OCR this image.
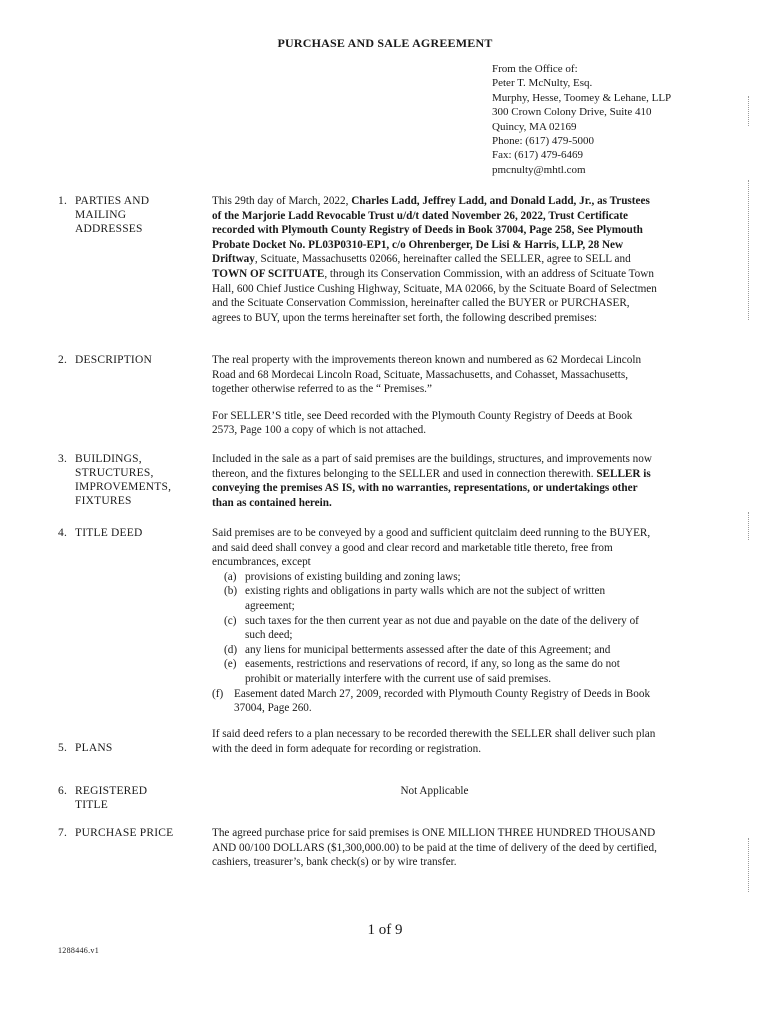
PURCHASE AND SALE AGREEMENT
From the Office of:
Peter T. McNulty, Esq.
Murphy, Hesse, Toomey & Lehane, LLP
300 Crown Colony Drive, Suite 410
Quincy, MA 02169
Phone: (617) 479-5000
Fax: (617) 479-6469
pmcnulty@mhtl.com
1. PARTIES AND MAILING ADDRESSES

This 29th day of March, 2022, Charles Ladd, Jeffrey Ladd, and Donald Ladd, Jr., as Trustees of the Marjorie Ladd Revocable Trust u/d/t dated November 26, 2022, Trust Certificate recorded with Plymouth County Registry of Deeds in Book 37004, Page 258, See Plymouth Probate Docket No. PL03P0310-EP1, c/o Ohrenberger, De Lisi & Harris, LLP, 28 New Driftway, Scituate, Massachusetts 02066, hereinafter called the SELLER, agree to SELL and TOWN OF SCITUATE, through its Conservation Commission, with an address of Scituate Town Hall, 600 Chief Justice Cushing Highway, Scituate, MA 02066, by the Scituate Board of Selectmen and the Scituate Conservation Commission, hereinafter called the BUYER or PURCHASER, agrees to BUY, upon the terms hereinafter set forth, the following described premises:

2. DESCRIPTION	The real property with the improvements thereon known and numbered as 62 Mordecai Lincoln Road and 68 Mordecai Lincoln Road, Scituate, Massachusetts, and Cohasset, Massachusetts, together otherwise referred to as the “ Premises.”

For SELLER’S title, see Deed recorded with the Plymouth County Registry of Deeds at Book 2573, Page 100 a copy of which is not attached.

3. BUILDINGS, STRUCTURES, IMPROVEMENTS, FIXTURES

Included in the sale as a part of said premises are the buildings, structures, and improvements now thereon, and the fixtures belonging to the SELLER and used in connection therewith. SELLER is conveying the premises AS IS, with no warranties, representations, or undertakings other than as contained herein.

4. TITLE DEED	Said premises are to be conveyed by a good and sufficient quitclaim deed running to the BUYER, and said deed shall convey a good and clear record and marketable title thereto, free from encumbrances, except

(a) provisions of existing building and zoning laws;
(b) existing rights and obligations in party walls which are not the subject of written agreement;
(c) such taxes for the then current year as not due and payable on the date of the delivery of such deed;
(d) any liens for municipal betterments assessed after the date of this Agreement; and
(e) easements, restrictions and reservations of record, if any, so long as the same do not prohibit or materially interfere with the current use of said premises.
(f) Easement dated March 27, 2009, recorded with Plymouth County Registry of Deeds in Book 37004, Page 260.
5. PLANS

If said deed refers to a plan necessary to be recorded therewith the SELLER shall deliver such plan with the deed in form adequate for recording or registration.

6. REGISTERED TITLE

Not Applicable

7. PURCHASE PRICE	The agreed purchase price for said premises is ONE MILLION THREE HUNDRED THOUSAND AND 00/100 DOLLARS ($1,300,000.00) to be paid at the time of delivery of the deed by certified, cashiers, treasurer’s, bank check(s) or by wire transfer.

1 of 9
1288446.v1
